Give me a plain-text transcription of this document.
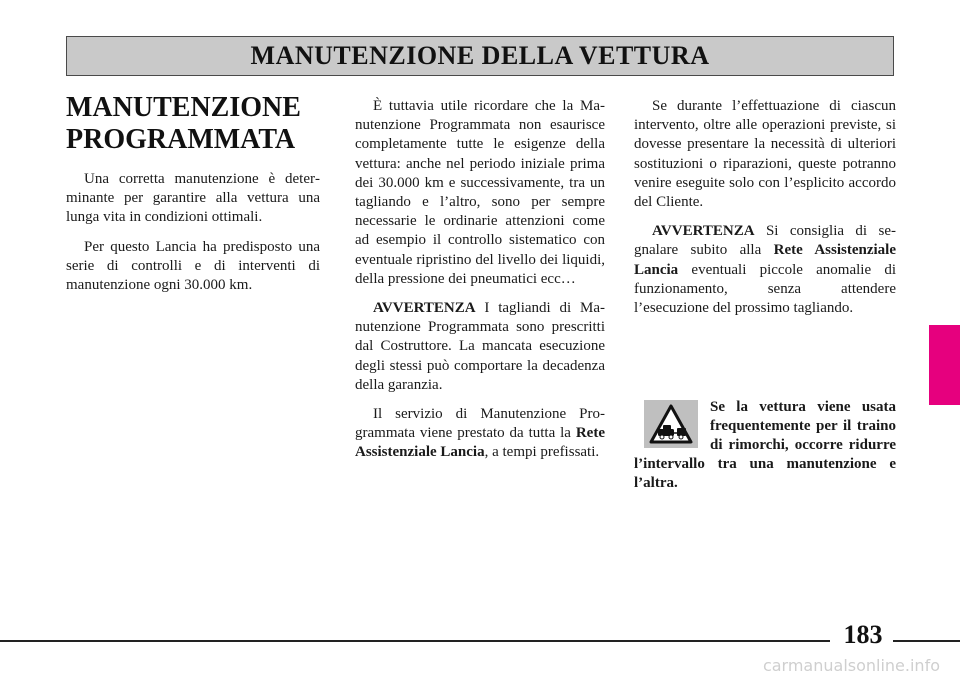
MANUTENZIONE DELLA VETTURA
MANUTENZIONE
PROGRAMMATA

Una corretta manutenzione è determinante per garantire alla vettura una lunga vita in condizioni ottimali.

Per questo Lancia ha predisposto una serie di controlli e di interventi di manutenzione ogni 30.000 km.

È tuttavia utile ricordare che la Manutenzione Programmata non esaurisce completamente tutte le esigenze della vettura: anche nel periodo iniziale prima dei 30.000 km e successivamente, tra un tagliando e l’altro, sono per sempre necessarie le ordinarie attenzioni come ad esempio il controllo sistematico con eventuale ripristino del livello dei liquidi, della pressione dei pneumatici ecc…

AVVERTENZA I tagliandi di Manutenzione Programmata sono prescritti dal Costruttore. La mancata esecuzione degli stessi può comportare la decadenza della garanzia.

Il servizio di Manutenzione Programmata viene prestato da tutta la Rete Assistenziale Lancia, a tempi prefissati.

Se durante l’effettuazione di ciascun intervento, oltre alle operazioni previste, si dovesse presentare la necessità di ulteriori sostituzioni o riparazioni, queste potranno venire eseguite solo con l’esplicito accordo del Cliente.

AVVERTENZA Si consiglia di segnalare subito alla Rete Assistenziale Lancia eventuali piccole anomalie di funzionamento, senza attendere l’esecuzione del prossimo tagliando.

Se la vettura viene usata frequentemente per il traino di rimorchi, occorre ridurre l’intervallo tra una manutenzione e l’altra.

183
carmanualsonline.info
